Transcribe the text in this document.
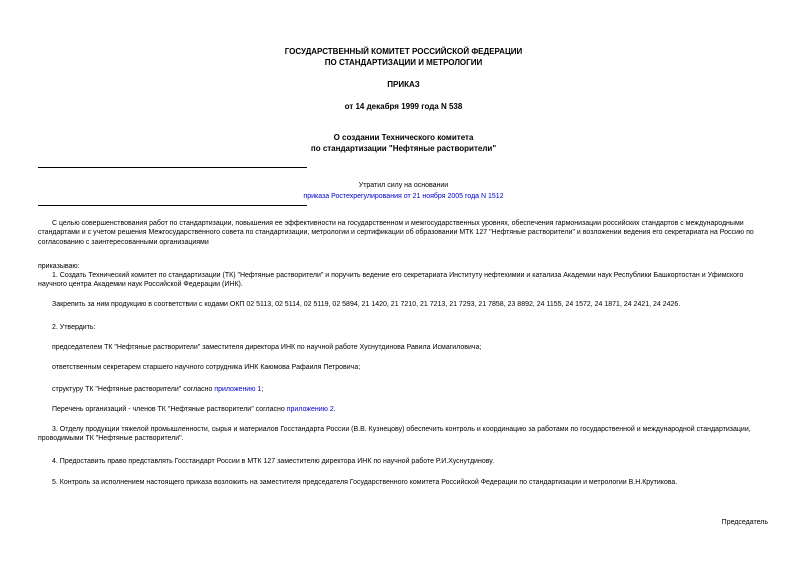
ГОСУДАРСТВЕННЫЙ КОМИТЕТ РОССИЙСКОЙ ФЕДЕРАЦИИ
ПО СТАНДАРТИЗАЦИИ И МЕТРОЛОГИИ
ПРИКАЗ
от 14 декабря 1999 года N 538
О создании Технического комитета
по стандартизации "Нефтяные растворители"
Утратил силу на основании
приказа Ростехрегулирования от 21 ноября 2005 года N 1512
С целью совершенствования работ по стандартизации, повышения ее эффективности на государственном и межгосударственных уровнях, обеспечения гармонизации российских стандартов с международными стандартами и с учетом решения Межгосударственного совета по стандартизации, метрологии и сертификации об образовании МТК 127 "Нефтяные растворители" и возложении ведения его секретариата на Россию по согласованию с заинтересованными организациями
приказываю:
1. Создать Технический комитет по стандартизации (ТК) "Нефтяные растворители" и поручить ведение его секретариата Институту нефтехимии и катализа Академии наук Республики Башкортостан и Уфимского научного центра Академии наук Российской Федерации (ИНК).
Закрепить за ним продукцию в соответствии с кодами ОКП 02 5113, 02 5114, 02 5119, 02 5894, 21 1420, 21 7210, 21 7213, 21 7293, 21 7858, 23 8892, 24 1155, 24 1572, 24 1871, 24 2421, 24 2426.
2. Утвердить:
председателем ТК "Нефтяные растворители" заместителя директора ИНК по научной работе Хуснутдинова Равила Исмагиловича;
ответственным секретарем старшего научного сотрудника ИНК Каюмова Рафаиля Петровича;
структуру ТК "Нефтяные растворители" согласно приложению 1;
Перечень организаций - членов ТК "Нефтяные растворители" согласно приложению 2.
3. Отделу продукции тяжелой промышленности, сырья и материалов Госстандарта России (В.В. Кузнецову) обеспечить контроль и координацию за работами по государственной и международной стандартизации, проводимыми ТК "Нефтяные растворители".
4. Предоставить право представлять Госстандарт России в МТК 127 заместителю директора ИНК по научной работе Р.И.Хуснутдинову.
5. Контроль за исполнением настоящего приказа возложить на заместителя председателя Государственного комитета Российской Федерации по стандартизации и метрологии В.Н.Крутикова.
Председатель
